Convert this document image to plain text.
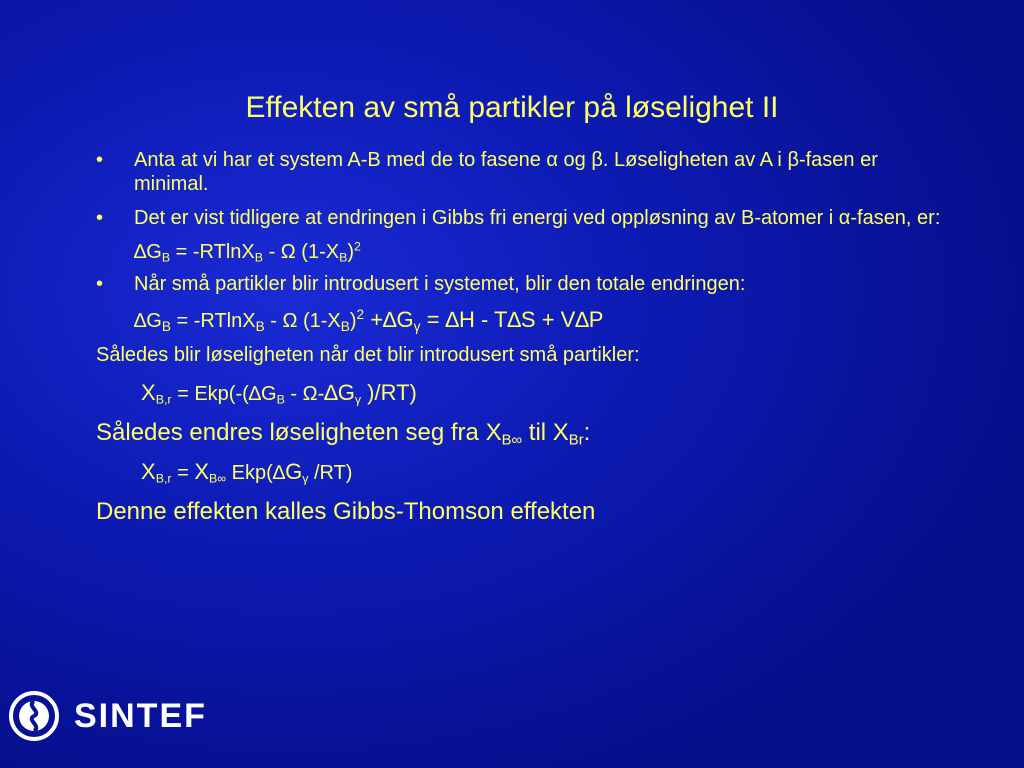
Effekten av små partikler på løselighet II
• Anta at vi har et system A-B med de to fasene α og β. Løseligheten av A i β-fasen er minimal.
• Det er vist tidligere at endringen i Gibbs fri energi ved oppløsning av B-atomer i α-fasen, er:
$\Delta G_B = -RTlnX_B - \Omega$ $(1-X_B)^2$
• Når små partikler blir introdusert i systemet, blir den totale endringen:
$\Delta G_B = -RTlnX_B - \Omega$ $(1-X_B)^2 +\Delta G_\gamma = \Delta H - T\Delta S + V\Delta P$
Således blir løseligheten når det blir introdusert små partikler:
$X_{B,r} = Ekp(-(\Delta G_B - \Omega-\Delta G_\gamma$ )/RT)
Således endres løseligheten seg fra $X_{B\infty}$ til $X_{Br}$:
$X_{B,r} = X_{B\infty}$ $Ekp(\Delta G_\gamma$ /RT)
Denne effekten kalles Gibbs-Thomson effekten
SINTEF
